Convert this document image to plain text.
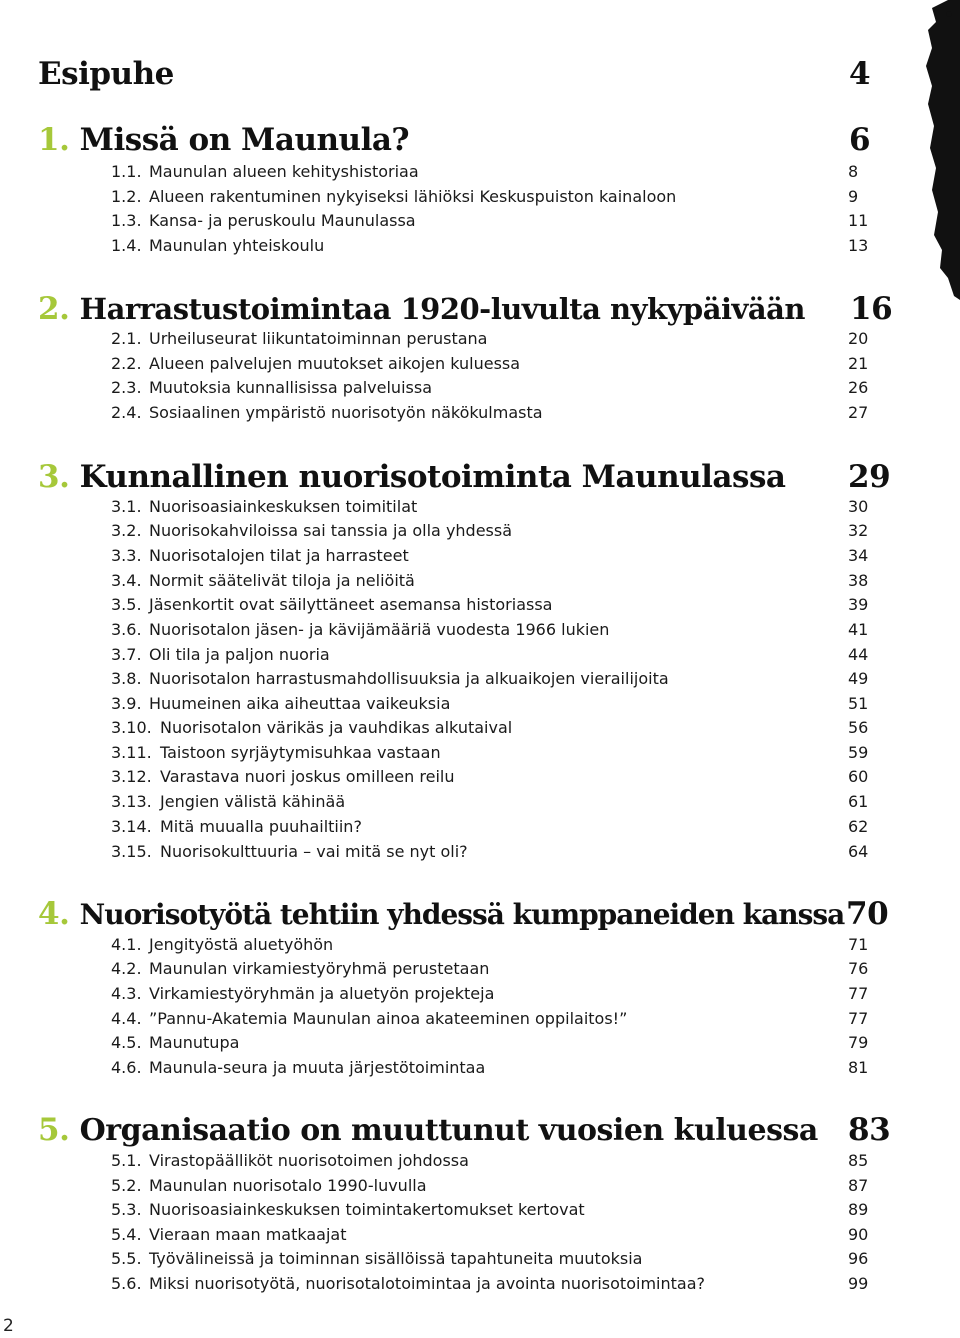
Esipuhe	4
1. Missä on Maunula?	6
1.1. Maunulan alueen kehityshistoriaa	8
1.2. Alueen rakentuminen nykyiseksi lähiöksi Keskuspuiston kainaloon	9
1.3. Kansa- ja peruskoulu Maunulassa	11
1.4. Maunulan yhteiskoulu	13
2. Harrastustoimintaa 1920-luvulta nykypäivään 16
2.1. Urheiluseurat liikuntatoiminnan perustana	20
2.2. Alueen palvelujen muutokset aikojen kuluessa	21
2.3. Muutoksia kunnallisissa palveluissa	26
2.4. Sosiaalinen ympäristö nuorisotyön näkökulmasta	27
3. Kunnallinen nuorisotoiminta Maunulassa 29
3.1. Nuorisoasiainkeskuksen toimitilat	30
3.2. Nuorisokahviloissa sai tanssia ja olla yhdessä	32
3.3. Nuorisotalojen tilat ja harrasteet	34
3.4. Normit säätelivät tiloja ja neliöitä	38
3.5. Jäsenkortit ovat säilyttäneet asemansa historiassa	39
3.6. Nuorisotalon jäsen- ja kävijämääriä vuodesta 1966 lukien	41
3.7. Oli tila ja paljon nuoria	44
3.8. Nuorisotalon harrastusmahdollisuuksia ja alkuaikojen vierailijoita	49
3.9. Huumeinen aika aiheuttaa vaikeuksia	51
3.10. Nuorisotalon värikäs ja vauhdikas alkutaival	56
3.11. Taistoon syrjäytymisuhkaa vastaan	59
3.12. Varastava nuori joskus omilleen reilu	60
3.13. Jengien välistä kähinää	61
3.14. Mitä muualla puuhailtiin?	62
3.15. Nuorisokulttuuria – vai mitä se nyt oli?	64
4. Nuorisotyötä tehtiin yhdessä kumppaneiden kanssa 70
4.1. Jengityöstä aluetyöhön	71
4.2. Maunulan virkamiestyöryhmä perustetaan	76
4.3. Virkamiestyöryhmän ja aluetyön projekteja	77
4.4. ”Pannu-Akatemia Maunulan ainoa akateeminen oppilaitos!”	77
4.5. Maunutupa	79
4.6. Maunula-seura ja muuta järjestötoimintaa	81
5. Organisaatio on muuttunut vuosien kuluessa 83
5.1. Virastopäälliköt nuorisotoimen johdossa	85
5.2. Maunulan nuorisotalo 1990-luvulla	87
5.3. Nuorisoasiainkeskuksen toimintakertomukset kertovat	89
5.4. Vieraan maan matkaajat	90
5.5. Työvälineissä ja toiminnan sisällöissä tapahtuneita muutoksia	96
5.6. Miksi nuorisotyötä, nuorisotalotoimintaa ja avointa nuorisotoimintaa?	99
2
